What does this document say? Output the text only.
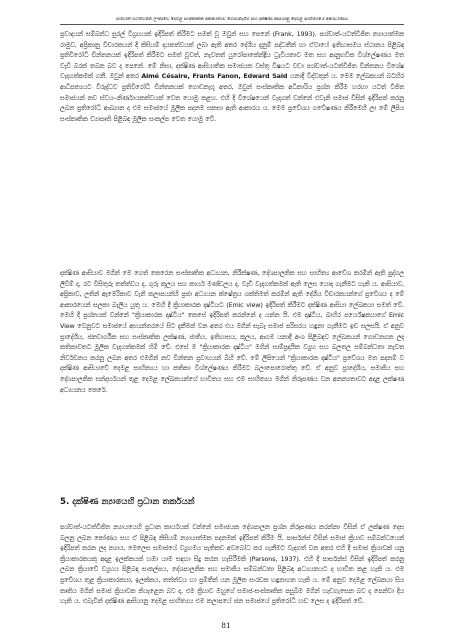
පශ්චාත්-යටත්විජිත ලංකාවේ දෙමළ සංස්කෘතික අනන්‍යතාව ගොඩනැගීම සහ දක්ෂිණ ආසියානු දෙමළ සාහිත්‍යයේ අනාවරණය

ප්‍රවාදයන් සම්බන්ධ සුරල් විග්‍රහයක් ඉදිරිපත් කිරීමට සමත් වූ ඔවුන් සහ පෙනේ (Frank, 1993). පශ්චාත්-යටත්විජිත න්‍යායාත්මක රාමුව, අප්‍රිකානු විචාරකයන් දී කිසියම් දායකත්වයක් ලබා ඇති අතර දේශීය දැනුම් පද්ධතීන් හා ඒවායේ ඉතිහාසමය ස්ථානය පිළිබඳ ප්‍රතිවිරෝධී චින්තනයක් ඉදිරිපත් කිරීමට සමත් වූවත්, නැවතත් යුරෝපාකේන්ද්‍රීය ධ්‍රැවීයතාව මත සහ ආනුභවික විශ්ලේෂණය මත වැඩි බරක් තබන බව ද පෙනේ. මේ නිසා, දක්ෂිණ ආසියාතික සමාජයක වස්තු විෂයට වඩා පශ්චාත්-යටත්විජිත චින්තනය විශේෂ වැදගත්කමක් ගනී. ඔවුන් අතර Aimé Césaire, Frants Fanon, Edward Said යනාදී විද්වතුන් ය. මෙම ලේඛකයන් බටහිර ආධිපත්‍යයට විරුද්ධව ප්‍රතිවිරෝධී චින්තනයක් ගොඩනැගූ අතර, ඔවුන් සංස්කෘතික අධිකාරිය ප්‍රශ්න කිරීම හරහා යටත් විජිත සමාජයන් නව ස්වයං-නිර්ණායකත්වයක් වෙත යොමු කළහ. එහි දී විශේෂයෙන් වැදගත් වන්නේ එවැනි සමාජ විසින් ඉදිරිපත් කරනු ලබන ප්‍රතිරෝධී ආඛ්‍යාන ද එම සමාජයේ මූලික පදනම සකසා ඇති ආකාරය ය. මෙම ප්‍රවේශය ගවේෂණය කිරීමෙහි ලා මේ ලිපිය සංස්කෘතික ව්‍යාපෘති පිළිබඳ මූලික සංකල්ප වෙත යොමු වේ.

දක්ෂිණ ආසියාව මගින් මෙ ගෙත් කෙරෙන සංස්කෘතික අධ්‍යයන, නිරීක්ෂණ, දේශපාලනික සහ සාහිත්‍ය ආවේශ කරමින් ඇති පුද්ගල ලිවීම් ද, රට විසිතුරු තත්ත්වය ද, ගුරු කුලය සහ කාර්ය මණ්ඩලය ද, වැඩි වැදගත්කමක් ඇති ලෙස යොදා ගැනීමට හැකි ය. ආසියාව, අප්‍රිකාව, ලතින් ඇමෙරිකාව වැනි කලාපයන්හි ප්‍රජා අධ්‍යයන ක්ෂේත්‍රය ශක්තිමත් කරමින් ඇති දේශීය විචාරකයන්ගේ ප්‍රවේශය ද මේ ආකාරයෙන් සලකා බැලිය යුතු ය. මෙහි දී ක්‍රියාකාරක දෘෂ්ටියට (Emic view) ඉදිරිපත් කිරීමට දක්ෂිණ ආසියා ලේඛකයා සමත් වේ. මෙහි දී ප්‍රශ්නයක් වන්නේ "ක්‍රියාකාරක දෘෂ්ටිය" කෙසේ ඉදිරිපත් කරන්නේ ද යන්න යි. එම දෘෂ්ටිය, බාහිර පර්යේෂකයාගේ Emic View වෙනුවට සමාජයේ අභ්‍යන්තරයේ සිට දැකීමක් වන අතර එය මගින් සැබෑ සමාජ පරිසරය හඳුනා ගැනීමට ඉඩ සලසයි. ඒ අනුව ප්‍රාදේශීය, ජනවාර්ගික සහ සංස්කෘතික ලක්ෂණ, ජාතිය, ඉතිහාසය, කුලය, ආගම යනාදී අංශ පිළිබඳව ලේඛකයන් ගොඩනගන ලද කතිකාවතට මූලික වැදගත්කමක් හිමි වේ. එසේ ම "ක්‍රියාකාරක දෘෂ්ටිය" මගින් සාම්ප්‍රදායික ව්‍යුහ සහ බලතල සම්බන්ධතා නැවත නිර්වචනය කරනු ලබන අතර එමගින් නව චින්තන ප්‍රවාහයන් බිහි වේ. මේ ලිපියෙන් "ක්‍රියාකාරක දෘෂ්ටිය" ප්‍රවේශය මත පදනම් ව දක්ෂිණ ආසියාවේ දෙමළ සාහිත්‍යය හා කතිකා විශ්ලේෂණය කිරීමට බලාපොරොත්තු වේ. ඒ අනුව ප්‍රාදේශීය, සමාජීය සහ දේශපාලනික සන්දර්භයන් තුළ දෙමළ ලේඛකයන්ගේ භාවිතය සහ එම සාහිත්‍යය මගින් නිරූපණය වන අනන්‍යතාවට අදාළ ලක්ෂණ අධ්‍යයනය කෙරේ.

5. දක්ෂිණ න්‍යායෙහි ප්‍රධාන තර්කයන්

පශ්චාත්-යටත්විජිත න්‍යායයෙහි ප්‍රධාන කාර්යයක් වන්නේ සමාජයක දේශපාලන ප්‍රශ්න නිරූපණය කරන්නා විසින් ඒ ලක්ෂණ දෙස බලනු ලබන කෝණය සහ ඒ පිළිබඳ කිසියම් න්‍යායාත්මක පදනමක් ඉදිරිපත් කිරීම යි. පාර්සන්ස් විසින් සමාජ ක්‍රියාව සම්බන්ධයෙන් ඉදිරිපත් කරන ලද න්‍යාය, මෙලෙස සමාජයේ ව්‍යුහමය පැතිකඩ අවබෝධ කර ගැනීමට වැදගත් වන අතර එහි දී සමාජ ක්‍රියාවක් යනු ක්‍රියාකාරකයකු අදාළ ඉලක්කයක් හඹා යාම සඳහා සිදු කරන හැසිරීමකි (Parsons, 1937). එහි දී පාර්සන්ස් විසින් ඉදිරිපත් කරනු ලබන ක්‍රියාවේ ව්‍යුහය පිළිබඳ සංකල්පය, දේශපාලනික සහ සමාජීය සම්බන්ධතා පිළිබඳ අධ්‍යයනයට ද භාවිත කළ හැකි ය. එම ප්‍රවේශය තුළ ක්‍රියාකාරකයා, ඉලක්කය, තත්ත්වය හා ප්‍රමිතීන් යන මූලික සංරචක හඳුනාගත හැකි ය. මේ අනුව දෙමළ ලේඛකයා සිය කෘතිය මගින් සමාජ ක්‍රියාවක නියැළෙන බව ද, එම ක්‍රියාව ඔහුගේ සමාජ-සංස්කෘතික පසුබිම මගින් හැඩගැසෙන බව ද පෙන්වා දිය හැකි ය. එබැවින් දක්ෂිණ ආසියානු දෙමළ සාහිත්‍යය එම කලාපයේ ජන සමාජයේ ප්‍රතිරෝධී හඬ ලෙස ද ඉදිරිපත් වේ.

81
